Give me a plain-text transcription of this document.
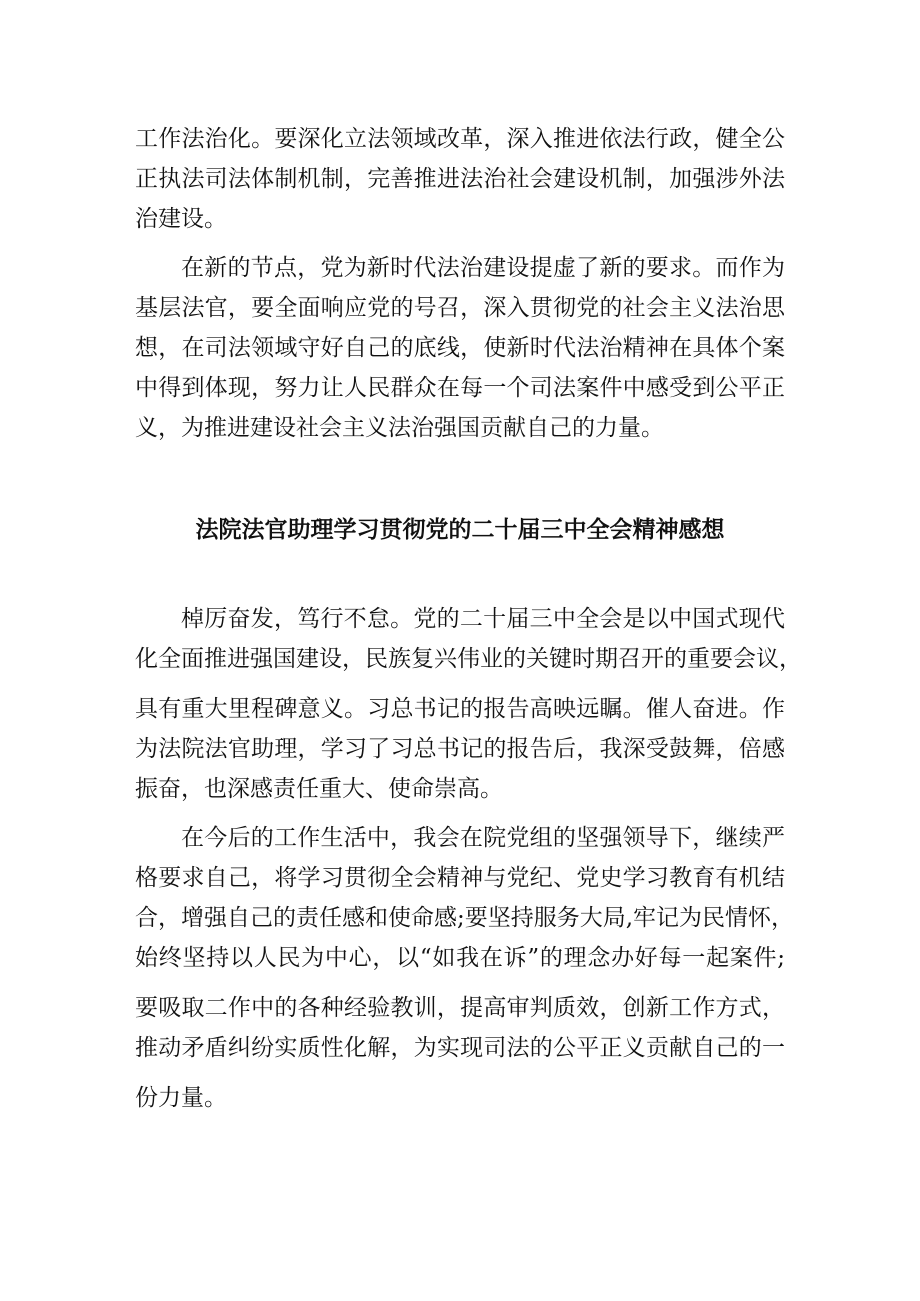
工作法治化。要深化立法领域改革，深入推进依法行政，健全公
正执法司法体制机制，完善推进法治社会建设机制，加强涉外法
治建设。
在新的节点，党为新时代法治建设提虚了新的要求。而作为
基层法官，要全面响应党的号召，深入贯彻党的社会主义法治思
想，在司法领域守好自己的底线，使新时代法治精神在具体个案
中得到体现，努力让人民群众在每一个司法案件中感受到公平正
义，为推进建设社会主义法治强国贡献自己的力量。
法院法官助理学习贯彻党的二十届三中全会精神感想
棹厉奋发，笃行不怠。党的二十届三中全会是以中国式现代
化全面推进强国建设，民族复兴伟业的关键时期召开的重要会议，
具有重大里程碑意义。习总书记的报告高映远瞩。催人奋进。作
为法院法官助理，学习了习总书记的报告后，我深受鼓舞，倍感
振奋，也深感责任重大、使命崇高。
在今后的工作生活中，我会在院党组的坚强领导下，继续严
格要求自己，将学习贯彻全会精神与党纪、党史学习教育有机结
合，增强自己的责任感和使命感;要坚持服务大局,牢记为民情怀，
始终坚持以人民为中心，以“如我在诉”的理念办好每一起案件;
要吸取二作中的各种经验教训，提高审判质效，创新工作方式，
推动矛盾纠纷实质性化解，为实现司法的公平正义贡献自己的一
份力量。
